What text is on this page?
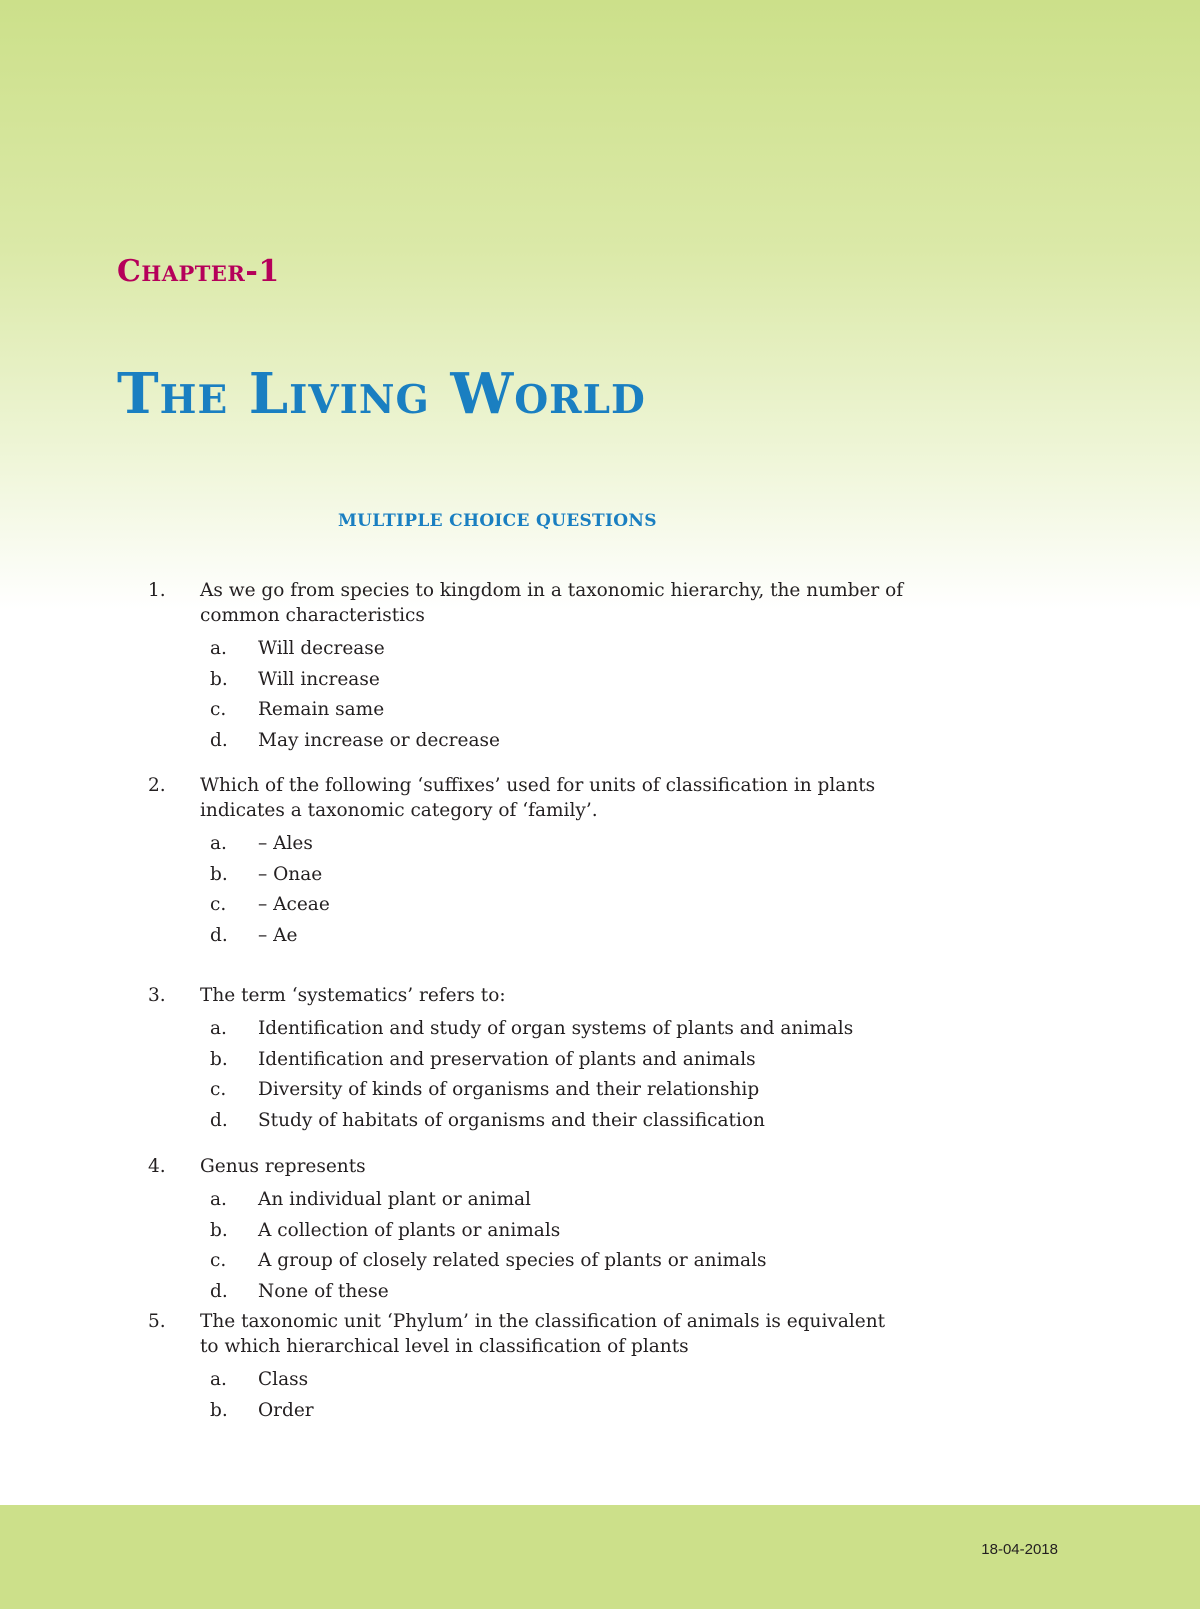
Chapter-1
The Living World
MULTIPLE CHOICE QUESTIONS
1.	As we go from species to kingdom in a taxonomic hierarchy, the number of common characteristics
a.	Will decrease
b.	Will increase
c.	Remain same
d.	May increase or decrease
2.	Which of the following ‘suffixes’ used for units of classification in plants indicates a taxonomic category of ‘family’.
a.	– Ales
b.	– Onae
c.	– Aceae
d.	– Ae
3.	The term ‘systematics’ refers to:
a.	Identification and study of organ systems of plants and animals
b.	Identification and preservation of plants and animals
c.	Diversity of kinds of organisms and their relationship
d.	Study of habitats of organisms and their classification
4.	Genus represents
a.	An individual plant or animal
b.	A collection of plants or animals
c.	A group of closely related species of plants or animals
d.	None of these
5.	The taxonomic unit ‘Phylum’ in the classification of animals is equivalent to which hierarchical level in classification of plants
a.	Class
b.	Order
18-04-2018
